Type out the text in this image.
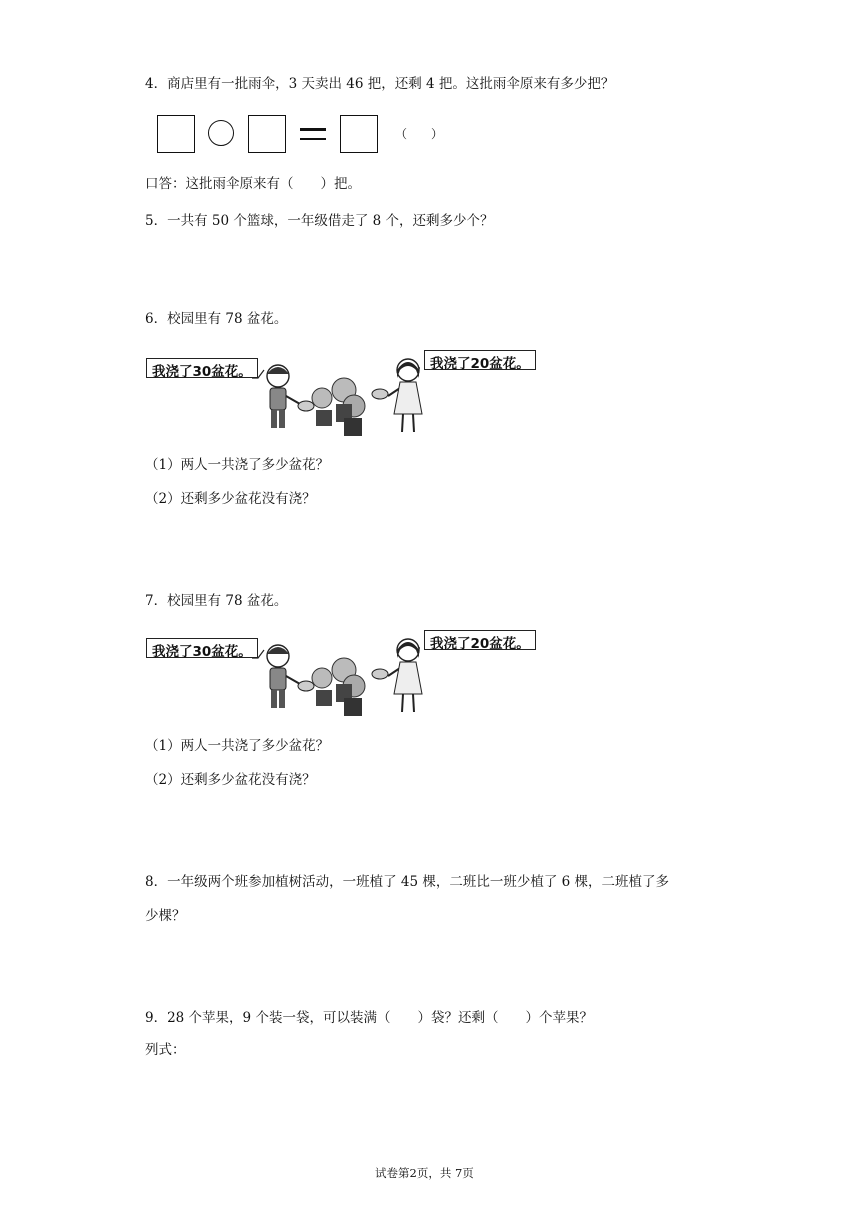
4．商店里有一批雨伞，3 天卖出 46 把，还剩 4 把。这批雨伞原来有多少把？
（　　）
口答：这批雨伞原来有（　　）把。
5．一共有 50 个篮球，一年级借走了 8 个，还剩多少个？
6．校园里有 78 盆花。
我浇了30盆花。	我浇了20盆花。
（1）两人一共浇了多少盆花？
（2）还剩多少盆花没有浇？
7．校园里有 78 盆花。
我浇了30盆花。	我浇了20盆花。
（1）两人一共浇了多少盆花？
（2）还剩多少盆花没有浇？
8．一年级两个班参加植树活动，一班植了 45 棵，二班比一班少植了 6 棵，二班植了多
少棵？
9．28 个苹果，9 个装一袋，可以装满（　　）袋？还剩（　　）个苹果？
列式：
试卷第2页，共 7页
